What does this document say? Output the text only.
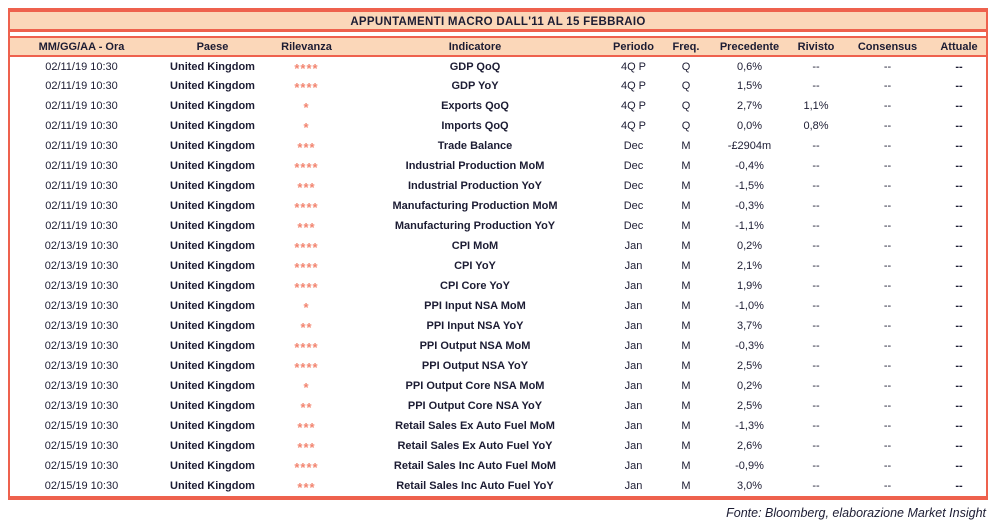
APPUNTAMENTI MACRO DALL'11 AL 15 FEBBRAIO
MM/GG/AA - Ora	Paese	Rilevanza	Indicatore	Periodo	Freq.	Precedente	Rivisto	Consensus	Attuale
02/11/19 10:30	United Kingdom	****	GDP QoQ	4Q P	Q	0,6%	--	--	--
02/11/19 10:30	United Kingdom	****	GDP YoY	4Q P	Q	1,5%	--	--	--
02/11/19 10:30	United Kingdom	*	Exports QoQ	4Q P	Q	2,7%	1,1%	--	--
02/11/19 10:30	United Kingdom	*	Imports QoQ	4Q P	Q	0,0%	0,8%	--	--
02/11/19 10:30	United Kingdom	***	Trade Balance	Dec	M	-£2904m	--	--	--
02/11/19 10:30	United Kingdom	****	Industrial Production MoM	Dec	M	-0,4%	--	--	--
02/11/19 10:30	United Kingdom	***	Industrial Production YoY	Dec	M	-1,5%	--	--	--
02/11/19 10:30	United Kingdom	****	Manufacturing Production MoM	Dec	M	-0,3%	--	--	--
02/11/19 10:30	United Kingdom	***	Manufacturing Production YoY	Dec	M	-1,1%	--	--	--
02/13/19 10:30	United Kingdom	****	CPI MoM	Jan	M	0,2%	--	--	--
02/13/19 10:30	United Kingdom	****	CPI YoY	Jan	M	2,1%	--	--	--
02/13/19 10:30	United Kingdom	****	CPI Core YoY	Jan	M	1,9%	--	--	--
02/13/19 10:30	United Kingdom	*	PPI Input NSA MoM	Jan	M	-1,0%	--	--	--
02/13/19 10:30	United Kingdom	**	PPI Input NSA YoY	Jan	M	3,7%	--	--	--
02/13/19 10:30	United Kingdom	****	PPI Output NSA MoM	Jan	M	-0,3%	--	--	--
02/13/19 10:30	United Kingdom	****	PPI Output NSA YoY	Jan	M	2,5%	--	--	--
02/13/19 10:30	United Kingdom	*	PPI Output Core NSA MoM	Jan	M	0,2%	--	--	--
02/13/19 10:30	United Kingdom	**	PPI Output Core NSA YoY	Jan	M	2,5%	--	--	--
02/15/19 10:30	United Kingdom	***	Retail Sales Ex Auto Fuel MoM	Jan	M	-1,3%	--	--	--
02/15/19 10:30	United Kingdom	***	Retail Sales Ex Auto Fuel YoY	Jan	M	2,6%	--	--	--
02/15/19 10:30	United Kingdom	****	Retail Sales Inc Auto Fuel MoM	Jan	M	-0,9%	--	--	--
02/15/19 10:30	United Kingdom	***	Retail Sales Inc Auto Fuel YoY	Jan	M	3,0%	--	--	--
Fonte: Bloomberg, elaborazione Market Insight
